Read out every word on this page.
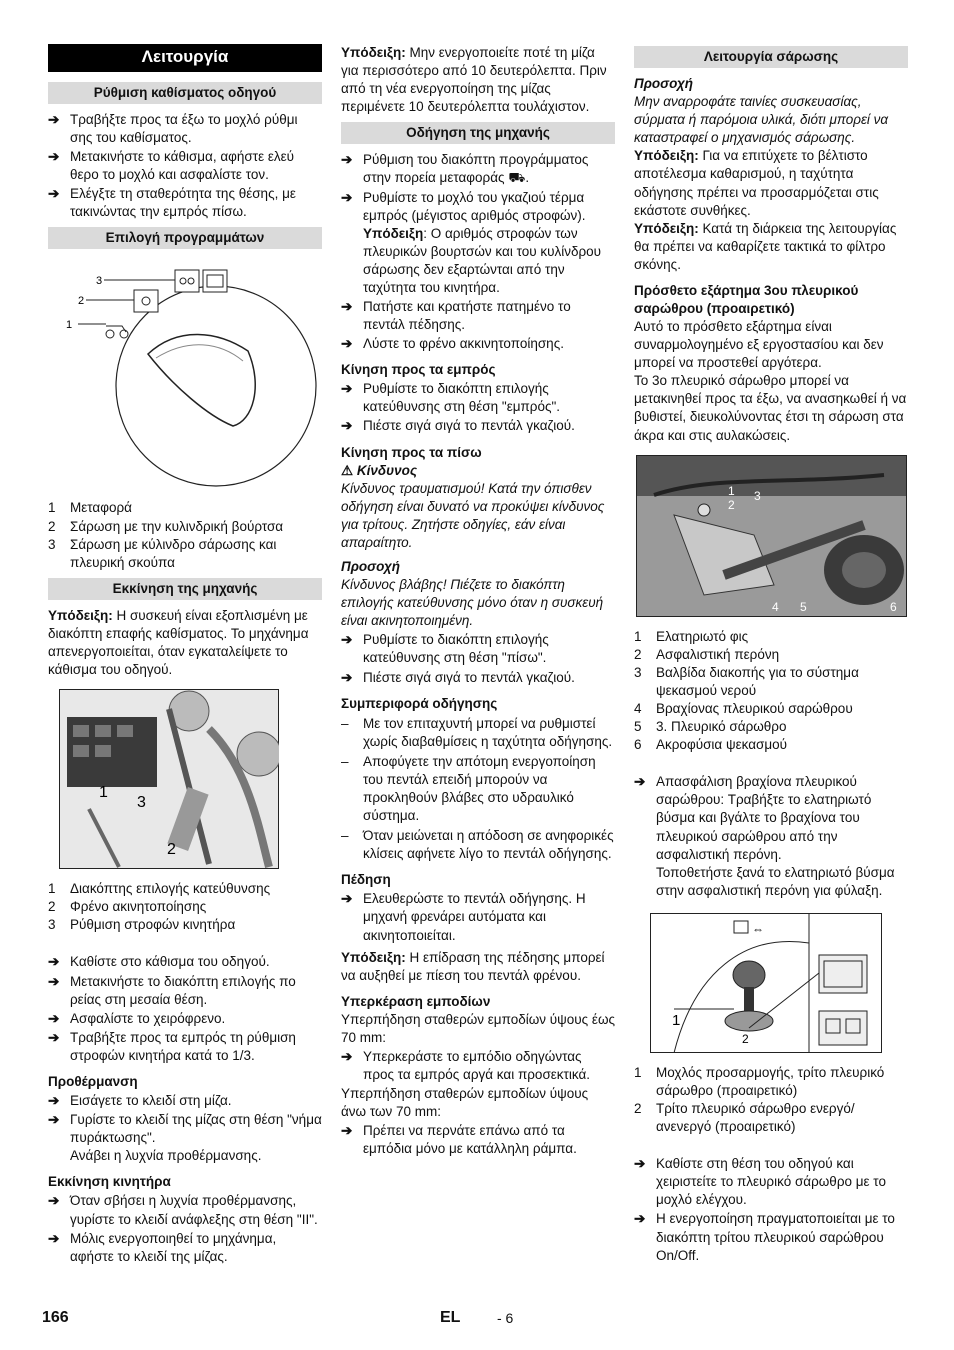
Λειτουργία
Ρύθμιση καθίσματος οδηγού
➔ Τραβήξτε προς τα έξω το μοχλό ρύθμι σης του καθίσματος.
➔ Μετακινήστε το κάθισμα, αφήστε ελεύ θερο το μοχλό και ασφαλίστε τον.
➔ Ελέγξτε τη σταθερότητα της θέσης, με τακινώντας την εμπρός πίσω.
Επιλογή προγραμμάτων
3
2
1
1	Μεταφορά
2	Σάρωση με την κυλινδρική βούρτσα
3	Σάρωση με κύλινδρο σάρωσης και πλευρική σκούπα
Εκκίνηση της μηχανής

Υπόδειξη: Η συσκευή είναι εξοπλισμένη με διακόπτη επαφής καθίσματος. Το μηχάνημα απενεργοποιείται, όταν εγκαταλείψετε το κάθισμα του οδηγού.

1
3
2
1	Διακόπτης επιλογής κατεύθυνσης
2	Φρένο ακινητοποίησης
3	Ρύθμιση στροφών κινητήρα
➔ Καθίστε στο κάθισμα του οδηγού.
➔ Μετακινήστε το διακόπτη επιλογής πο ρείας στη μεσαία θέση.
➔ Ασφαλίστε το χειρόφρενο.
➔ Τραβήξτε προς τα εμπρός τη ρύθμιση στροφών κινητήρα κατά το 1/3.
Προθέρμανση
➔ Εισάγετε το κλειδί στη μίζα.
➔ Γυρίστε το κλειδί της μίζας στη θέση "νήμα πυράκτωσης".
Ανάβει η λυχνία προθέρμανσης.
Εκκίνηση κινητήρα
➔ Όταν σβήσει η λυχνία προθέρμανσης, γυρίστε το κλειδί ανάφλεξης στη θέση "ΙΙ".
➔ Μόλις ενεργοποιηθεί το μηχάνημα, αφήστε το κλειδί της μίζας.

Υπόδειξη: Μην ενεργοποιείτε ποτέ τη μίζα για περισσότερο από 10 δευτερόλεπτα. Πριν από τη νέα ενεργοποίηση της μίζας περιμένετε 10 δευτερόλεπτα τουλάχιστον.

Οδήγηση της μηχανής
➔ Ρύθμιση του διακόπτη προγράμματος στην πορεία μεταφοράς ⛟.
➔ Ρυθμίστε το μοχλό του γκαζιού τέρμα εμπρός (μέγιστος αριθμός στροφών).
Υπόδειξη: Ο αριθμός στροφών των πλευρικών βουρτσών και του κυλίνδρου σάρωσης δεν εξαρτώνται από την ταχύτητα του κινητήρα.
➔ Πατήστε και κρατήστε πατημένο το πεντάλ πέδησης.
➔ Λύστε το φρένο ακκινητοποίησης.
Κίνηση προς τα εμπρός
➔ Ρυθμίστε το διακόπτη επιλογής κατεύθυνσης στη θέση "εμπρός".
➔ Πιέστε σιγά σιγά το πεντάλ γκαζιού.
Κίνηση προς τα πίσω

⚠ Κίνδυνος

Κίνδυνος τραυματισμού! Κατά την όπισθεν οδήγηση είναι δυνατό να προκύψει κίνδυνος για τρίτους. Ζητήστε οδηγίες, εάν είναι απαραίτητο.

Προσοχή

Κίνδυνος βλάβης! Πιέζετε το διακόπτη επιλογής κατεύθυνσης μόνο όταν η συσκευή είναι ακινητοποιημένη.

➔ Ρυθμίστε το διακόπτη επιλογής κατεύθυνσης στη θέση "πίσω".
➔ Πιέστε σιγά σιγά το πεντάλ γκαζιού.
Συμπεριφορά οδήγησης
–	Με τον επιταχυντή μπορεί να ρυθμιστεί χωρίς διαβαθμίσεις η ταχύτητα οδήγησης.
–	Αποφύγετε την απότομη ενεργοποίηση του πεντάλ επειδή μπορούν να προκληθούν βλάβες στο υδραυλικό σύστημα.
–	Όταν μειώνεται η απόδοση σε ανηφορικές κλίσεις αφήνετε λίγο το πεντάλ οδήγησης.
Πέδηση
➔ Ελευθερώστε το πεντάλ οδήγησης. Η μηχανή φρενάρει αυτόματα και ακινητοποιείται.

Υπόδειξη: Η επίδραση της πέδησης μπορεί να αυξηθεί με πίεση του πεντάλ φρένου.

Υπερκέραση εμποδίων

Υπερπήδηση σταθερών εμποδίων ύψους έως 70 mm:

➔ Υπερκεράστε το εμπόδιο οδηγώντας προς τα εμπρός αργά και προσεκτικά.

Υπερπήδηση σταθερών εμποδίων ύψους άνω των 70 mm:

➔ Πρέπει να περνάτε επάνω από τα εμπόδια μόνο με κατάλληλη ράμπα.
Λειτουργία σάρωσης

Προσοχή

Μην αναρροφάτε ταινίες συσκευασίας, σύρματα ή παρόμοια υλικά, διότι μπορεί να καταστραφεί ο μηχανισμός σάρωσης.

Υπόδειξη: Για να επιτύχετε το βέλτιστο αποτέλεσμα καθαρισμού, η ταχύτητα οδήγησης πρέπει να προσαρμόζεται στις εκάστοτε συνθήκες.

Υπόδειξη: Κατά τη διάρκεια της λειτουργίας θα πρέπει να καθαρίζετε τακτικά το φίλτρο σκόνης.

Πρόσθετο εξάρτημα 3ου πλευρικού σαρώθρου (προαιρετικό)

Αυτό το πρόσθετο εξάρτημα είναι συναρμολογημένο εξ εργοστασίου και δεν μπορεί να προστεθεί αργότερα.

Το 3ο πλευρικό σάρωθρο μπορεί να μετακινηθεί προς τα έξω, να ανασηκωθεί ή να βυθιστεί, διευκολύνοντας έτσι τη σάρωση στα άκρα και στις αυλακώσεις.

1
2
3
4 5	6
1	Ελατηριωτό φις
2	Ασφαλιστική περόνη
3	Βαλβίδα διακοπής για το σύστημα ψεκασμού νερού
4	Βραχίονας πλευρικού σαρώθρου
5	3. Πλευρικό σάρωθρο
6	Ακροφύσια ψεκασμού
➔ Απασφάλιση βραχίονα πλευρικού σαρώθρου: Τραβήξτε το ελατηριωτό βύσμα και βγάλτε το βραχίονα του πλευρικού σαρώθρου από την ασφαλιστική περόνη.
Τοποθετήστε ξανά το ελατηριωτό βύσμα στην ασφαλιστική περόνη για φύλαξη.
⇔
1
2
1	Μοχλός προσαρμογής, τρίτο πλευρικό σάρωθρο (προαιρετικό)
2	Τρίτο πλευρικό σάρωθρο ενεργό/ανενεργό (προαιρετικό)
➔ Καθίστε στη θέση του οδηγού και χειριστείτε το πλευρικό σάρωθρο με το μοχλό ελέγχου.
➔ Η ενεργοποίηση πραγματοποιείται με το διακόπτη τρίτου πλευρικού σαρώθρου On/Off.
166	EL	- 6
